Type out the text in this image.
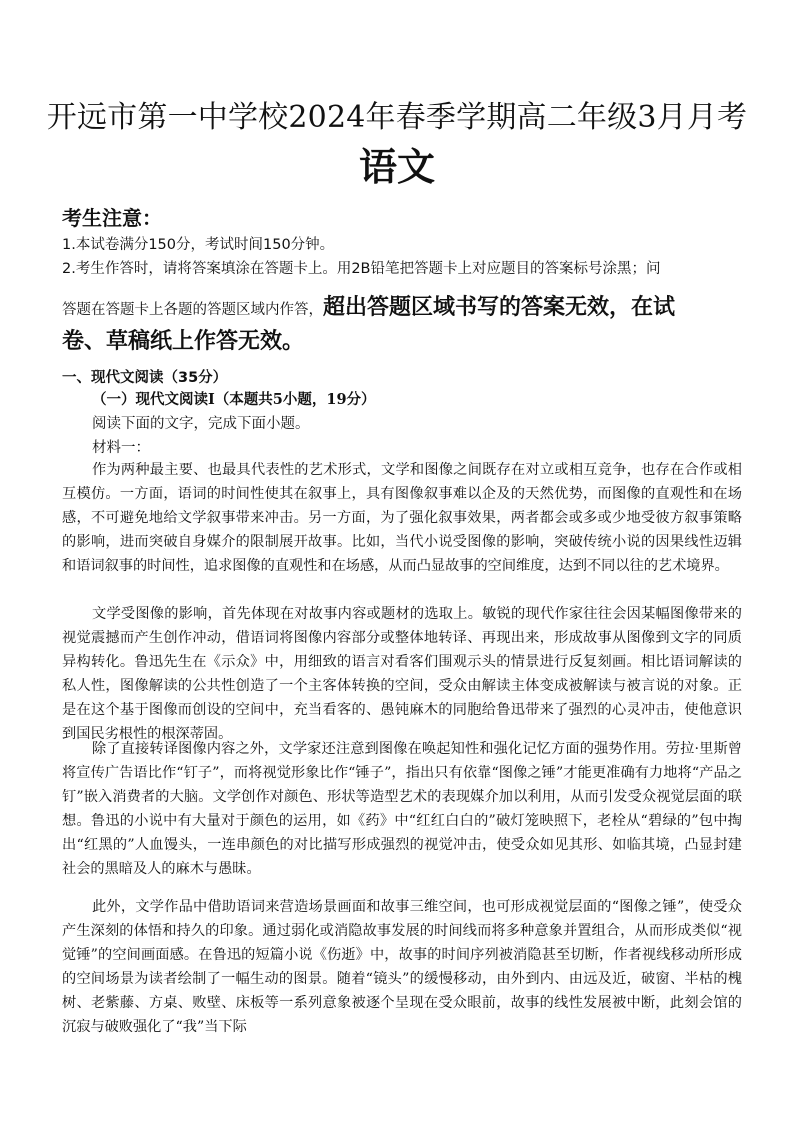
开远市第一中学校2024年春季学期高二年级3月月考
语文
考生注意：
1.本试卷满分150分，考试时间150分钟。
2.考生作答时，请将答案填涂在答题卡上。用2B铅笔把答题卡上对应题目的答案标号涂黑；问
答题在答题卡上各题的答题区域内作答，超出答题区域书写的答案无效，在试
卷、草稿纸上作答无效。
一、现代文阅读（35分）
（一）现代文阅读Ⅰ（本题共5小题，19分）
阅读下面的文字，完成下面小题。
材料一：
作为两种最主要、也最具代表性的艺术形式，文学和图像之间既存在对立或相互竞争，也存在合作或相互模仿。一方面，语词的时间性使其在叙事上，具有图像叙事难以企及的天然优势，而图像的直观性和在场感，不可避免地给文学叙事带来冲击。另一方面，为了强化叙事效果，两者都会或多或少地受彼方叙事策略的影响，进而突破自身媒介的限制展开故事。比如，当代小说受图像的影响，突破传统小说的因果线性迈辑和语词叙事的时间性，追求图像的直观性和在场感，从而凸显故事的空间维度，达到不同以往的艺术境界。
文学受图像的影响，首先体现在对故事内容或题材的选取上。敏锐的现代作家往往会因某幅图像带来的视觉震撼而产生创作冲动，借语词将图像内容部分或整体地转译、再现出来，形成故事从图像到文字的同质异构转化。鲁迅先生在《示众》中，用细致的语言对看客们围观示头的情景进行反复刻画。相比语词解读的私人性，图像解读的公共性创造了一个主客体转换的空间，受众由解读主体变成被解读与被言说的对象。正是在这个基于图像而创设的空间中，充当看客的、愚钝麻木的同胞给鲁迅带来了强烈的心灵冲击，使他意识到国民劣根性的根深蒂固。
除了直接转译图像内容之外，文学家还注意到图像在唤起知性和强化记忆方面的强势作用。劳拉·里斯曾将宣传广告语比作“钉子”，而将视觉形象比作“锤子”，指出只有依靠“图像之锤”才能更准确有力地将“产品之钉”嵌入消费者的大脑。文学创作对颜色、形状等造型艺术的表现媒介加以利用，从而引发受众视觉层面的联想。鲁迅的小说中有大量对于颜色的运用，如《药》中“红红白白的”破灯笼映照下，老栓从“碧绿的”包中掏出“红黑的”人血馒头，一连串颜色的对比描写形成强烈的视觉冲击，使受众如见其形、如临其境，凸显封建社会的黑暗及人的麻木与愚昧。
此外，文学作品中借助语词来营造场景画面和故事三维空间，也可形成视觉层面的“图像之锤”，使受众产生深刻的体悟和持久的印象。通过弱化或消隐故事发展的时间线而将多种意象并置组合，从而形成类似“视觉锤”的空间画面感。在鲁迅的短篇小说《伤逝》中，故事的时间序列被消隐甚至切断，作者视线移动所形成的空间场景为读者绘制了一幅生动的图景。随着“镜头”的缓慢移动，由外到内、由远及近，破窗、半枯的槐树、老紫藤、方桌、败壁、床板等一系列意象被逐个呈现在受众眼前，故事的线性发展被中断，此刻会馆的沉寂与破败强化了“我”当下际
